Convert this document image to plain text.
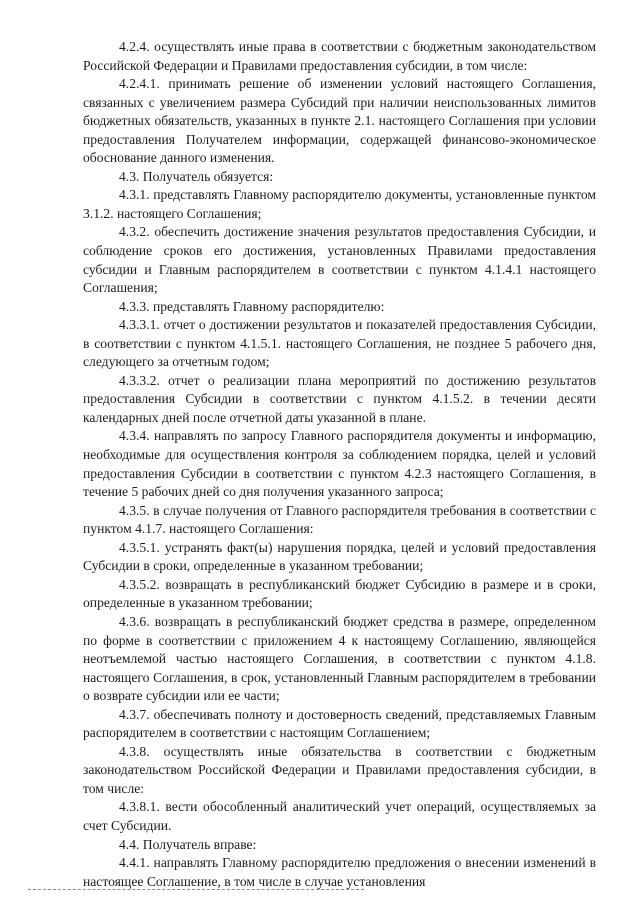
4.2.4. осуществлять иные права в соответствии с бюджетным законодательством Российской Федерации и Правилами предоставления субсидии, в том числе:

4.2.4.1. принимать решение об изменении условий настоящего Соглашения, связанных с увеличением размера Субсидий при наличии неиспользованных лимитов бюджетных обязательств, указанных в пункте 2.1. настоящего Соглашения при условии предоставления Получателем информации, содержащей финансово-экономическое обоснование данного изменения.

4.3. Получатель обязуется:

4.3.1. представлять Главному распорядителю документы, установленные пунктом 3.1.2. настоящего Соглашения;

4.3.2. обеспечить достижение значения результатов предоставления Субсидии, и соблюдение сроков его достижения, установленных Правилами предоставления субсидии и Главным распорядителем в соответствии с пунктом 4.1.4.1 настоящего Соглашения;

4.3.3. представлять Главному распорядителю:

4.3.3.1. отчет о достижении результатов и показателей предоставления Субсидии, в соответствии с пунктом 4.1.5.1. настоящего Соглашения, не позднее 5 рабочего дня, следующего за отчетным годом;

4.3.3.2. отчет о реализации плана мероприятий по достижению результатов предоставления Субсидии в соответствии с пунктом 4.1.5.2. в течении десяти календарных дней после отчетной даты указанной в плане.

4.3.4. направлять по запросу Главного распорядителя документы и информацию, необходимые для осуществления контроля за соблюдением порядка, целей и условий предоставления Субсидии в соответствии с пунктом 4.2.3 настоящего Соглашения, в течение 5 рабочих дней со дня получения указанного запроса;

4.3.5. в случае получения от Главного распорядителя требования в соответствии с пунктом 4.1.7. настоящего Соглашения:

4.3.5.1. устранять факт(ы) нарушения порядка, целей и условий предоставления Субсидии в сроки, определенные в указанном требовании;

4.3.5.2. возвращать в республиканский бюджет Субсидию в размере и в сроки, определенные в указанном требовании;

4.3.6. возвращать в республиканский бюджет средства в размере, определенном по форме в соответствии с приложением 4 к настоящему Соглашению, являющейся неотъемлемой частью настоящего Соглашения, в соответствии с пунктом 4.1.8. настоящего Соглашения, в срок, установленный Главным распорядителем в требовании о возврате субсидии или ее части;

4.3.7. обеспечивать полноту и достоверность сведений, представляемых Главным распорядителем в соответствии с настоящим Соглашением;

4.3.8. осуществлять иные обязательства в соответствии с бюджетным законодательством Российской Федерации и Правилами предоставления субсидии, в том числе:

4.3.8.1. вести обособленный аналитический учет операций, осуществляемых за счет Субсидии.

4.4. Получатель вправе:

4.4.1. направлять Главному распорядителю предложения о внесении изменений в настоящее Соглашение, в том числе в случае установления
